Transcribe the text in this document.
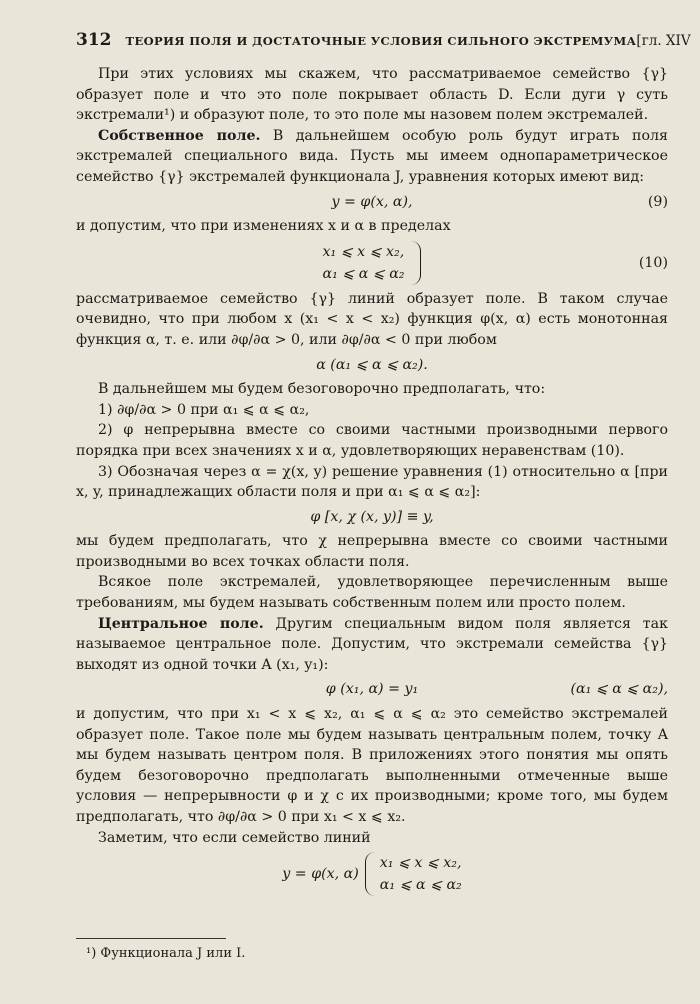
312 ТЕОРИЯ ПОЛЯ И ДОСТАТОЧНЫЕ УСЛОВИЯ СИЛЬНОГО ЭКСТРЕМУМА [гл. XIV

При этих условиях мы скажем, что рассматриваемое семейство {γ} образует поле и что это поле покрывает область D. Если дуги γ суть экстремали¹) и образуют поле, то это поле мы назовем полем экстремалей.

Собственное поле. В дальнейшем особую роль будут играть поля экстремалей специального вида. Пусть мы имеем однопараметрическое семейство {γ} экстремалей функционала J, уравнения которых имеют вид:

y = φ(x, α),	(9)

и допустим, что при изменениях x и α в пределах

x₁ ⩽ x ⩽ x₂,
α₁ ⩽ α ⩽ α₂
(10)

рассматриваемое семейство {γ} линий образует поле. В таком случае очевидно, что при любом x (x₁ < x < x₂) функция φ(x, α) есть монотонная функция α, т. е. или ∂φ/∂α > 0, или ∂φ/∂α < 0 при любом

α (α₁ ⩽ α ⩽ α₂).

В дальнейшем мы будем безоговорочно предполагать, что:

1) ∂φ/∂α > 0 при α₁ ⩽ α ⩽ α₂,

2) φ непрерывна вместе со своими частными производными первого порядка при всех значениях x и α, удовлетворяющих неравенствам (10).

3) Обозначая через α = χ(x, y) решение уравнения (1) относительно α [при x, y, принадлежащих области поля и при α₁ ⩽ α ⩽ α₂]:

φ [x, χ (x, y)] ≡ y,

мы будем предполагать, что χ непрерывна вместе со своими частными производными во всех точках области поля.

Всякое поле экстремалей, удовлетворяющее перечисленным выше требованиям, мы будем называть собственным полем или просто полем.

Центральное поле. Другим специальным видом поля является так называемое центральное поле. Допустим, что экстремали семейства {γ} выходят из одной точки A (x₁, y₁):

φ (x₁, α) = y₁	(α₁ ⩽ α ⩽ α₂),

и допустим, что при x₁ < x ⩽ x₂, α₁ ⩽ α ⩽ α₂ это семейство экстремалей образует поле. Такое поле мы будем называть центральным полем, точку A мы будем называть центром поля. В приложениях этого понятия мы опять будем безоговорочно предполагать выполненными отмеченные выше условия — непрерывности φ и χ с их производными; кроме того, мы будем предполагать, что ∂φ/∂α > 0 при x₁ < x ⩽ x₂.

Заметим, что если семейство линий

y = φ(x, α)
x₁ ⩽ x ⩽ x₂,
α₁ ⩽ α ⩽ α₂
¹) Функционала J или I.
